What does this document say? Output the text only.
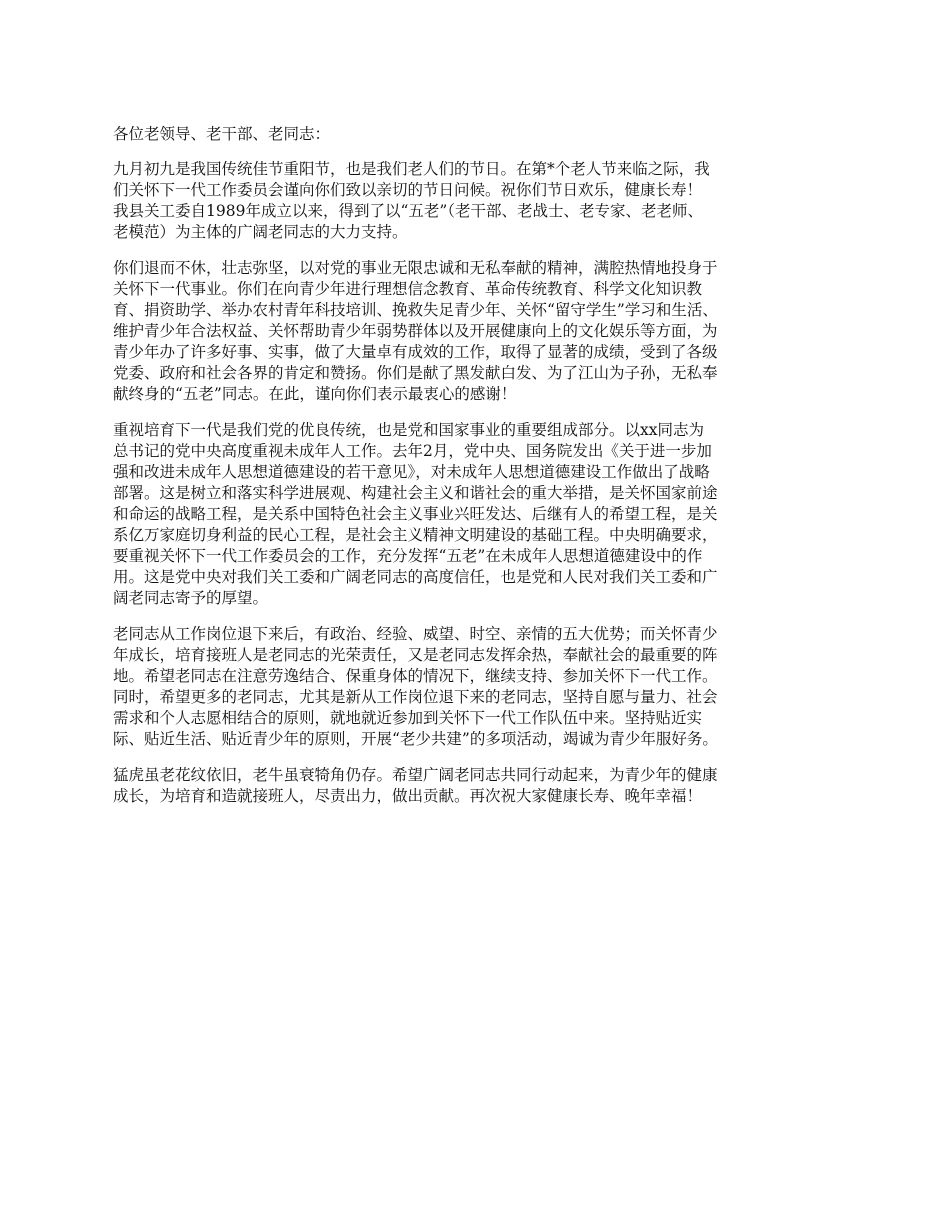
各位老领导、老干部、老同志：

九月初九是我国传统佳节重阳节，也是我们老人们的节日。在第*个老人节来临之际，我
们关怀下一代工作委员会谨向你们致以亲切的节日问候。祝你们节日欢乐，健康长寿！
我县关工委自1989年成立以来，得到了以“五老”（老干部、老战士、老专家、老老师、
老模范）为主体的广阔老同志的大力支持。

你们退而不休，壮志弥坚，以对党的事业无限忠诚和无私奉献的精神，满腔热情地投身于
关怀下一代事业。你们在向青少年进行理想信念教育、革命传统教育、科学文化知识教
育、捐资助学、举办农村青年科技培训、挽救失足青少年、关怀“留守学生”学习和生活、
维护青少年合法权益、关怀帮助青少年弱势群体以及开展健康向上的文化娱乐等方面，为
青少年办了许多好事、实事，做了大量卓有成效的工作，取得了显著的成绩，受到了各级
党委、政府和社会各界的肯定和赞扬。你们是献了黑发献白发、为了江山为子孙，无私奉
献终身的“五老”同志。在此，谨向你们表示最衷心的感谢！

重视培育下一代是我们党的优良传统，也是党和国家事业的重要组成部分。以xx同志为
总书记的党中央高度重视未成年人工作。去年2月，党中央、国务院发出《关于进一步加
强和改进未成年人思想道德建设的若干意见》，对未成年人思想道德建设工作做出了战略
部署。这是树立和落实科学进展观、构建社会主义和谐社会的重大举措，是关怀国家前途
和命运的战略工程，是关系中国特色社会主义事业兴旺发达、后继有人的希望工程，是关
系亿万家庭切身利益的民心工程，是社会主义精神文明建设的基础工程。中央明确要求，
要重视关怀下一代工作委员会的工作，充分发挥“五老”在未成年人思想道德建设中的作
用。这是党中央对我们关工委和广阔老同志的高度信任，也是党和人民对我们关工委和广
阔老同志寄予的厚望。

老同志从工作岗位退下来后，有政治、经验、威望、时空、亲情的五大优势；而关怀青少
年成长，培育接班人是老同志的光荣责任，又是老同志发挥余热，奉献社会的最重要的阵
地。希望老同志在注意劳逸结合、保重身体的情况下，继续支持、参加关怀下一代工作。
同时，希望更多的老同志，尤其是新从工作岗位退下来的老同志，坚持自愿与量力、社会
需求和个人志愿相结合的原则，就地就近参加到关怀下一代工作队伍中来。坚持贴近实
际、贴近生活、贴近青少年的原则，开展“老少共建”的多项活动，竭诚为青少年服好务。

猛虎虽老花纹依旧，老牛虽衰犄角仍存。希望广阔老同志共同行动起来，为青少年的健康
成长，为培育和造就接班人，尽责出力，做出贡献。再次祝大家健康长寿、晚年幸福！
